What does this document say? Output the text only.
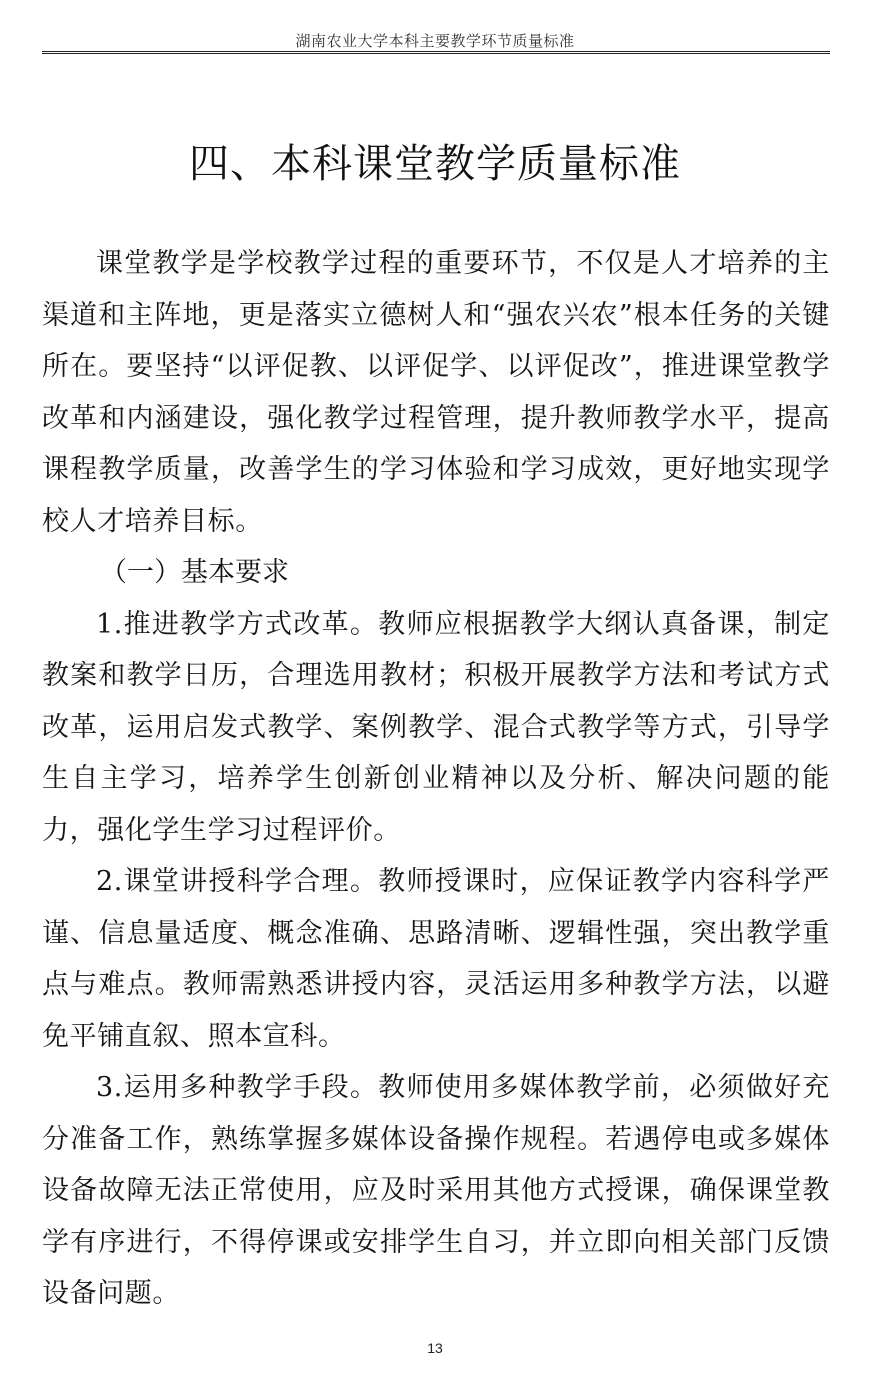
湖南农业大学本科主要教学环节质量标准
四、本科课堂教学质量标准

课堂教学是学校教学过程的重要环节，不仅是人才培养的主渠道和主阵地，更是落实立德树人和“强农兴农”根本任务的关键所在。要坚持“以评促教、以评促学、以评促改”，推进课堂教学改革和内涵建设，强化教学过程管理，提升教师教学水平，提高课程教学质量，改善学生的学习体验和学习成效，更好地实现学校人才培养目标。

（一）基本要求

1.推进教学方式改革。教师应根据教学大纲认真备课，制定教案和教学日历，合理选用教材；积极开展教学方法和考试方式改革，运用启发式教学、案例教学、混合式教学等方式，引导学生自主学习，培养学生创新创业精神以及分析、解决问题的能力，强化学生学习过程评价。

2.课堂讲授科学合理。教师授课时，应保证教学内容科学严谨、信息量适度、概念准确、思路清晰、逻辑性强，突出教学重点与难点。教师需熟悉讲授内容，灵活运用多种教学方法，以避免平铺直叙、照本宣科。

3.运用多种教学手段。教师使用多媒体教学前，必须做好充分准备工作，熟练掌握多媒体设备操作规程。若遇停电或多媒体设备故障无法正常使用，应及时采用其他方式授课，确保课堂教学有序进行，不得停课或安排学生自习，并立即向相关部门反馈设备问题。

13
